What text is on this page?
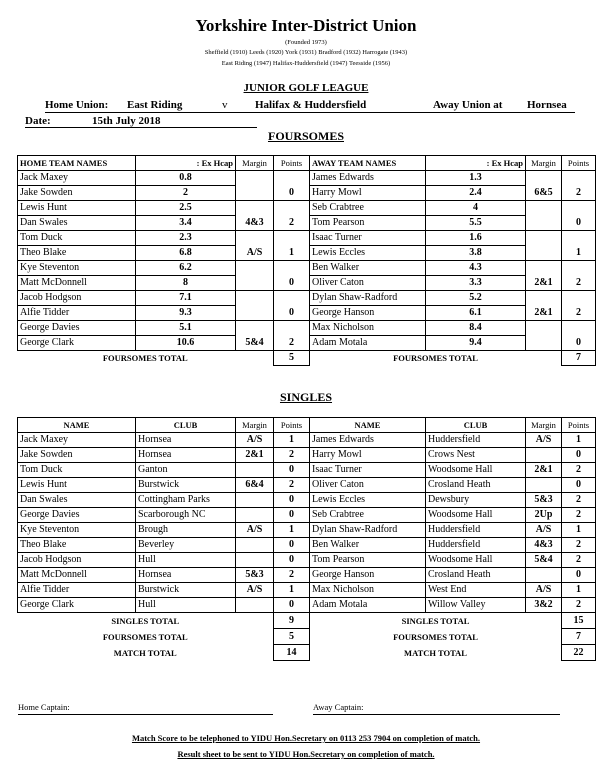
Yorkshire Inter-District Union
(Founded 1973)
Sheffield (1910) Leeds (1920) York (1931) Bradford (1932) Harrogate (1943)
East Riding (1947) Halifax-Huddersfield (1947) Teesside (1956)
JUNIOR GOLF LEAGUE
Home Union: East Riding	v	Halifax & Huddersfield	Away Union at Hornsea
Date:	15th July 2018
FOURSOMES
HOME TEAM NAMES	: Ex Hcap	Margin	Points	AWAY TEAM NAMES	: Ex Hcap	Margin	Points
Jack Maxey	0.8		0	James Edwards	1.3	6&5	2
Jake Sowden	2			Harry Mowl	2.4		
Lewis Hunt	2.5	4&3	2	Seb Crabtree	4		0
Dan Swales	3.4			Tom Pearson	5.5		
Tom Duck	2.3	A/S	1	Isaac Turner	1.6		1
Theo Blake	6.8			Lewis Eccles	3.8		
Kye Steventon	6.2		0	Ben Walker	4.3	2&1	2
Matt McDonnell	8			Oliver Caton	3.3		
Jacob Hodgson	7.1		0	Dylan Shaw-Radford	5.2	2&1	2
Alfie Tidder	9.3			George Hanson	6.1		
George Davies	5.1	5&4	2	Max Nicholson	8.4		0
George Clark	10.6			Adam Motala	9.4		
FOURSOMES TOTAL			5	FOURSOMES TOTAL			7
SINGLES
NAME	CLUB	Margin	Points	NAME	CLUB	Margin	Points
Jack Maxey	Hornsea	A/S	1	James Edwards	Huddersfield	A/S	1
Jake Sowden	Hornsea	2&1	2	Harry Mowl	Crows Nest		0
Tom Duck	Ganton		0	Isaac Turner	Woodsome Hall	2&1	2
Lewis Hunt	Burstwick	6&4	2	Oliver Caton	Crosland Heath		0
Dan Swales	Cottingham Parks		0	Lewis Eccles	Dewsbury	5&3	2
George Davies	Scarborough NC		0	Seb Crabtree	Woodsome Hall	2Up	2
Kye Steventon	Brough	A/S	1	Dylan Shaw-Radford	Huddersfield	A/S	1
Theo Blake	Beverley		0	Ben Walker	Huddersfield	4&3	2
Jacob Hodgson	Hull		0	Tom Pearson	Woodsome Hall	5&4	2
Matt McDonnell	Hornsea	5&3	2	George Hanson	Crosland Heath		0
Alfie Tidder	Burstwick	A/S	1	Max Nicholson	West End	A/S	1
George Clark	Hull		0	Adam Motala	Willow Valley	3&2	2
SINGLES TOTAL			9	SINGLES TOTAL			15
FOURSOMES TOTAL			5	FOURSOMES TOTAL			7
MATCH TOTAL			14	MATCH TOTAL			22
Home Captain:	Away Captain:
Match Score to be telephoned to YIDU Hon.Secretary on 0113 253 7904 on completion of match.
Result sheet to be sent to YIDU Hon.Secretary on completion of match.
